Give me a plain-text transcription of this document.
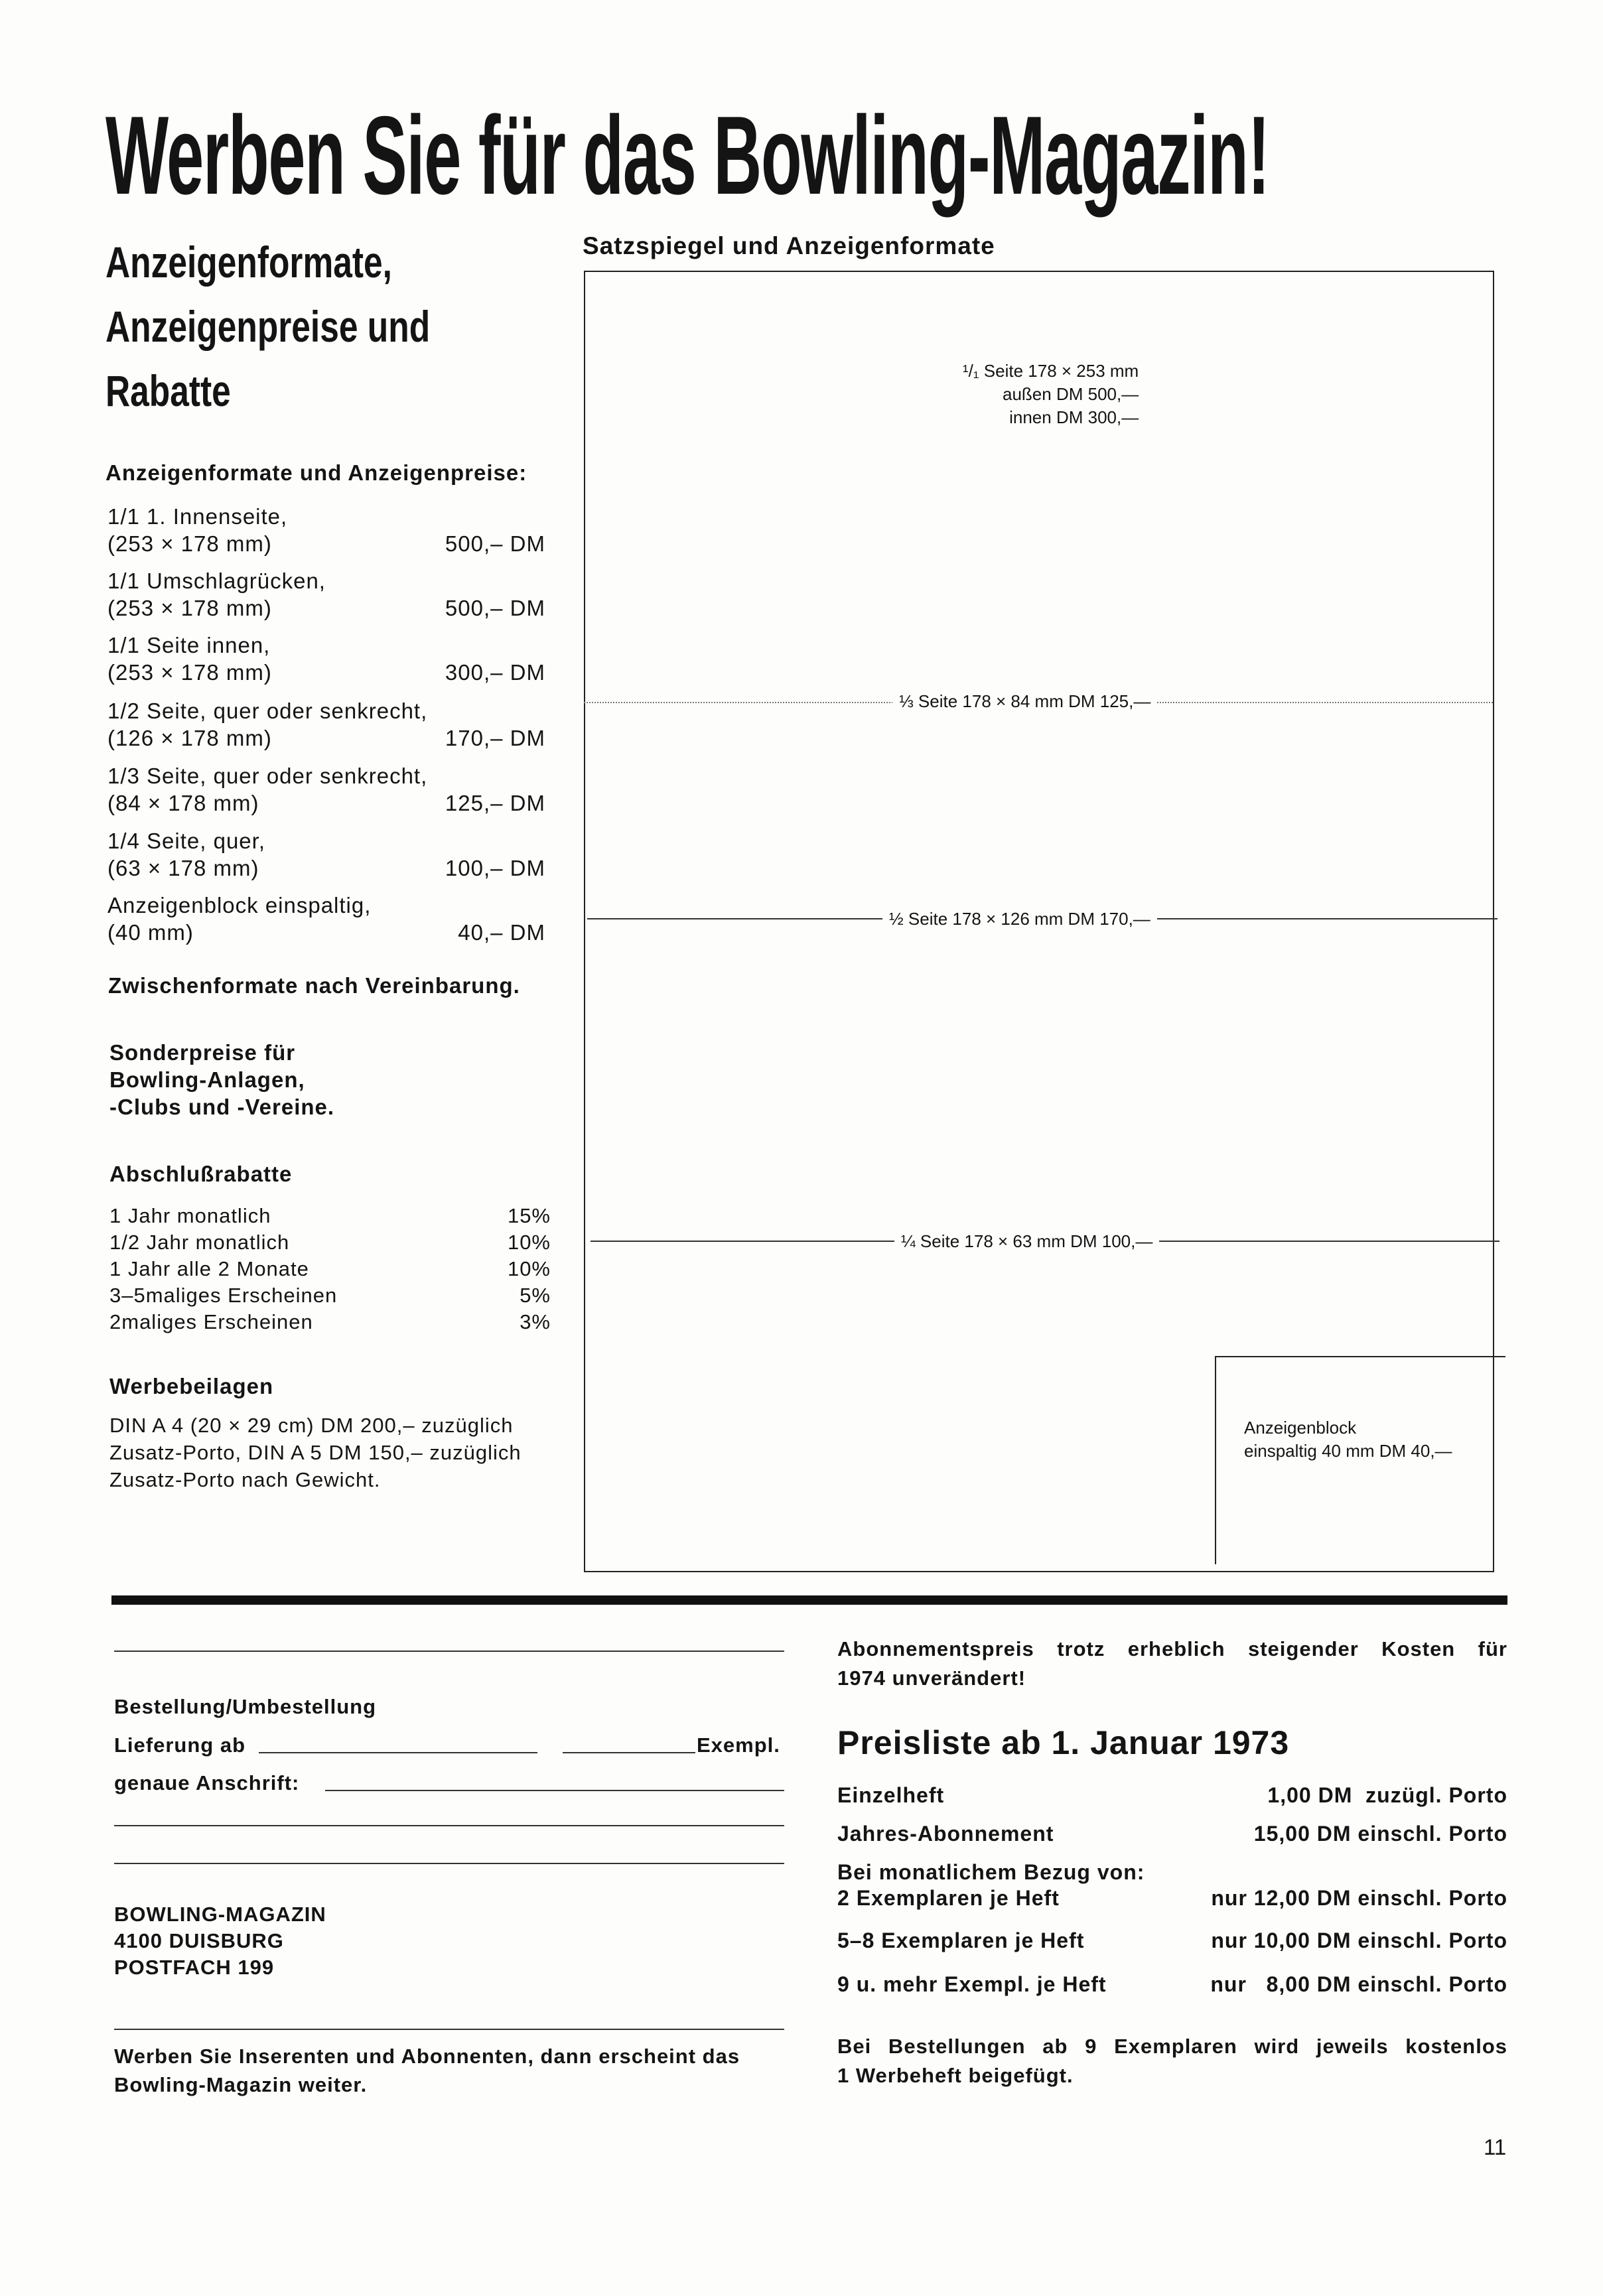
Werben Sie für das Bowling-Magazin!
Anzeigenformate,
Anzeigenpreise und
Rabatte
Satzspiegel und Anzeigenformate
¹/₁ Seite 178 × 253 mm
außen DM 500,—
innen DM 300,—
⅓ Seite 178 × 84 mm DM 125,—
½ Seite 178 × 126 mm DM 170,—
¼ Seite 178 × 63 mm DM 100,—
Anzeigenblock
einspaltig 40 mm DM 40,—
Anzeigenformate und Anzeigenpreise:
1/1 1. Innenseite,
(253 × 178 mm)	500,– DM
1/1 Umschlagrücken,
(253 × 178 mm)	500,– DM
1/1 Seite innen,
(253 × 178 mm)	300,– DM
1/2 Seite, quer oder senkrecht,
(126 × 178 mm)	170,– DM
1/3 Seite, quer oder senkrecht,
(84 × 178 mm)	125,– DM
1/4 Seite, quer,
(63 × 178 mm)	100,– DM
Anzeigenblock einspaltig,
(40 mm)	40,– DM
Zwischenformate nach Vereinbarung.
Sonderpreise für
Bowling-Anlagen,
-Clubs und -Vereine.
Abschlußrabatte
1 Jahr monatlich	15%
1/2 Jahr monatlich	10%
1 Jahr alle 2 Monate	10%
3–5maliges Erscheinen	5%
2maliges Erscheinen	3%
Werbebeilagen
DIN A 4 (20 × 29 cm) DM 200,– zuzüglich
Zusatz-Porto, DIN A 5 DM 150,– zuzüglich
Zusatz-Porto nach Gewicht.
Bestellung/Umbestellung
Lieferung ab	Exempl.
genaue Anschrift:
BOWLING-MAGAZIN
4100 DUISBURG
POSTFACH 199
Werben Sie Inserenten und Abonnenten, dann erscheint das
Bowling-Magazin weiter.
Abonnementspreis trotz erheblich steigender Kosten für
1974 unverändert!
Preisliste ab 1. Januar 1973
Einzelheft	1,00 DM  zuzügl. Porto
Jahres-Abonnement	15,00 DM einschl. Porto
Bei monatlichem Bezug von:
2 Exemplaren je Heft	nur 12,00 DM einschl. Porto
5–8 Exemplaren je Heft	nur 10,00 DM einschl. Porto
9 u. mehr Exempl. je Heft	nur   8,00 DM einschl. Porto
Bei Bestellungen ab 9 Exemplaren wird jeweils kostenlos
1 Werbeheft beigefügt.
11
